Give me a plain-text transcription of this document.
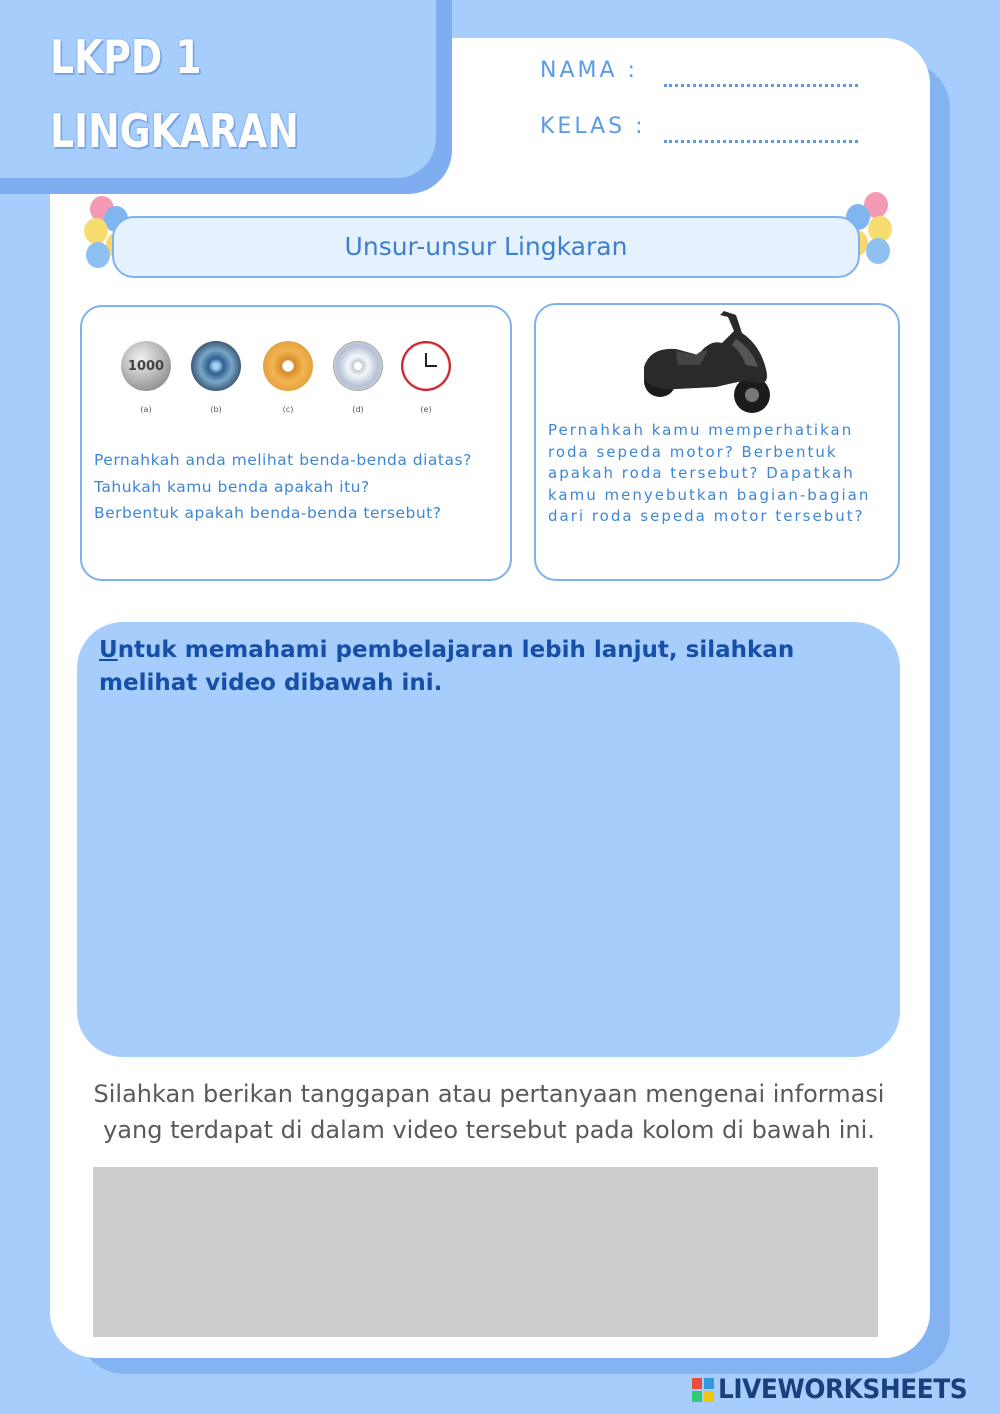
LKPD 1
LINGKARAN
NAMA :
KELAS :
Unsur-unsur Lingkaran
1000
(a)	(b)	(c)	(d)	(e)
Pernahkah anda melihat benda-benda diatas?
Tahukah kamu benda apakah itu?
Berbentuk apakah benda-benda tersebut?
Pernahkah kamu memperhatikan roda sepeda motor? Berbentuk apakah roda tersebut? Dapatkah kamu menyebutkan bagian-bagian dari roda sepeda motor tersebut?
Untuk memahami pembelajaran lebih lanjut, silahkan melihat video dibawah ini.
Silahkan berikan tanggapan atau pertanyaan mengenai informasi yang terdapat di dalam video tersebut pada kolom di bawah ini.
LIVEWORKSHEETS
